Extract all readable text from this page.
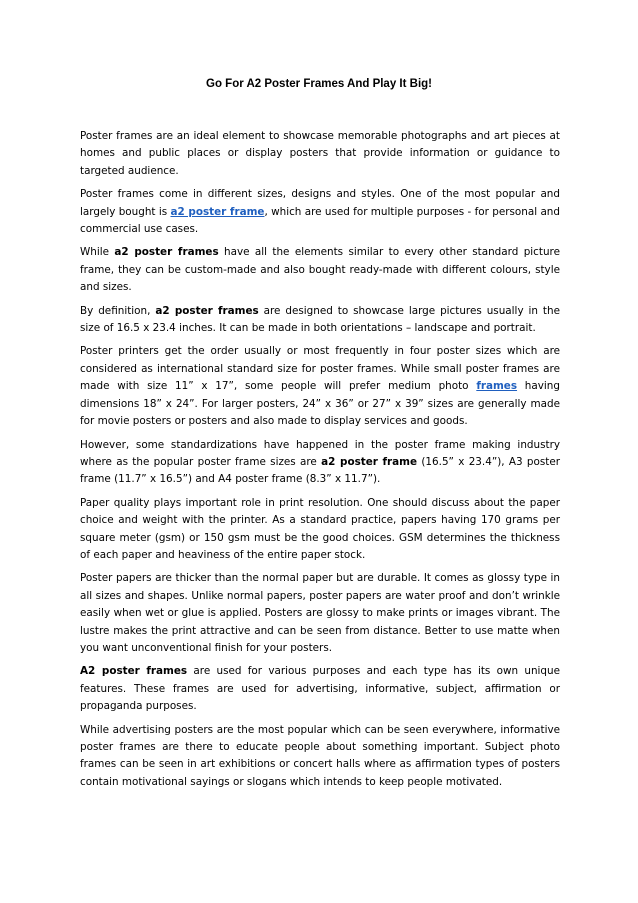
Go For A2 Poster Frames And Play It Big!

Poster frames are an ideal element to showcase memorable photographs and art pieces at homes and public places or display posters that provide information or guidance to targeted audience.

Poster frames come in different sizes, designs and styles. One of the most popular and largely bought is a2 poster frame, which are used for multiple purposes - for personal and commercial use cases.

While a2 poster frames have all the elements similar to every other standard picture frame, they can be custom-made and also bought ready-made with different colours, style and sizes.

By definition, a2 poster frames are designed to showcase large pictures usually in the size of 16.5 x 23.4 inches. It can be made in both orientations – landscape and portrait.

Poster printers get the order usually or most frequently in four poster sizes which are considered as international standard size for poster frames. While small poster frames are made with size 11” x 17”, some people will prefer medium photo frames having dimensions 18” x 24”. For larger posters, 24” x 36” or 27” x 39” sizes are generally made for movie posters or posters and also made to display services and goods.

However, some standardizations have happened in the poster frame making industry where as the popular poster frame sizes are a2 poster frame (16.5” x 23.4”), A3 poster frame (11.7” x 16.5”) and A4 poster frame (8.3” x 11.7”).

Paper quality plays important role in print resolution. One should discuss about the paper choice and weight with the printer. As a standard practice, papers having 170 grams per square meter (gsm) or 150 gsm must be the good choices. GSM determines the thickness of each paper and heaviness of the entire paper stock.

Poster papers are thicker than the normal paper but are durable. It comes as glossy type in all sizes and shapes. Unlike normal papers, poster papers are water proof and don’t wrinkle easily when wet or glue is applied. Posters are glossy to make prints or images vibrant. The lustre makes the print attractive and can be seen from distance. Better to use matte when you want unconventional finish for your posters.

A2 poster frames are used for various purposes and each type has its own unique features. These frames are used for advertising, informative, subject, affirmation or propaganda purposes.

While advertising posters are the most popular which can be seen everywhere, informative poster frames are there to educate people about something important. Subject photo frames can be seen in art exhibitions or concert halls where as affirmation types of posters contain motivational sayings or slogans which intends to keep people motivated.
